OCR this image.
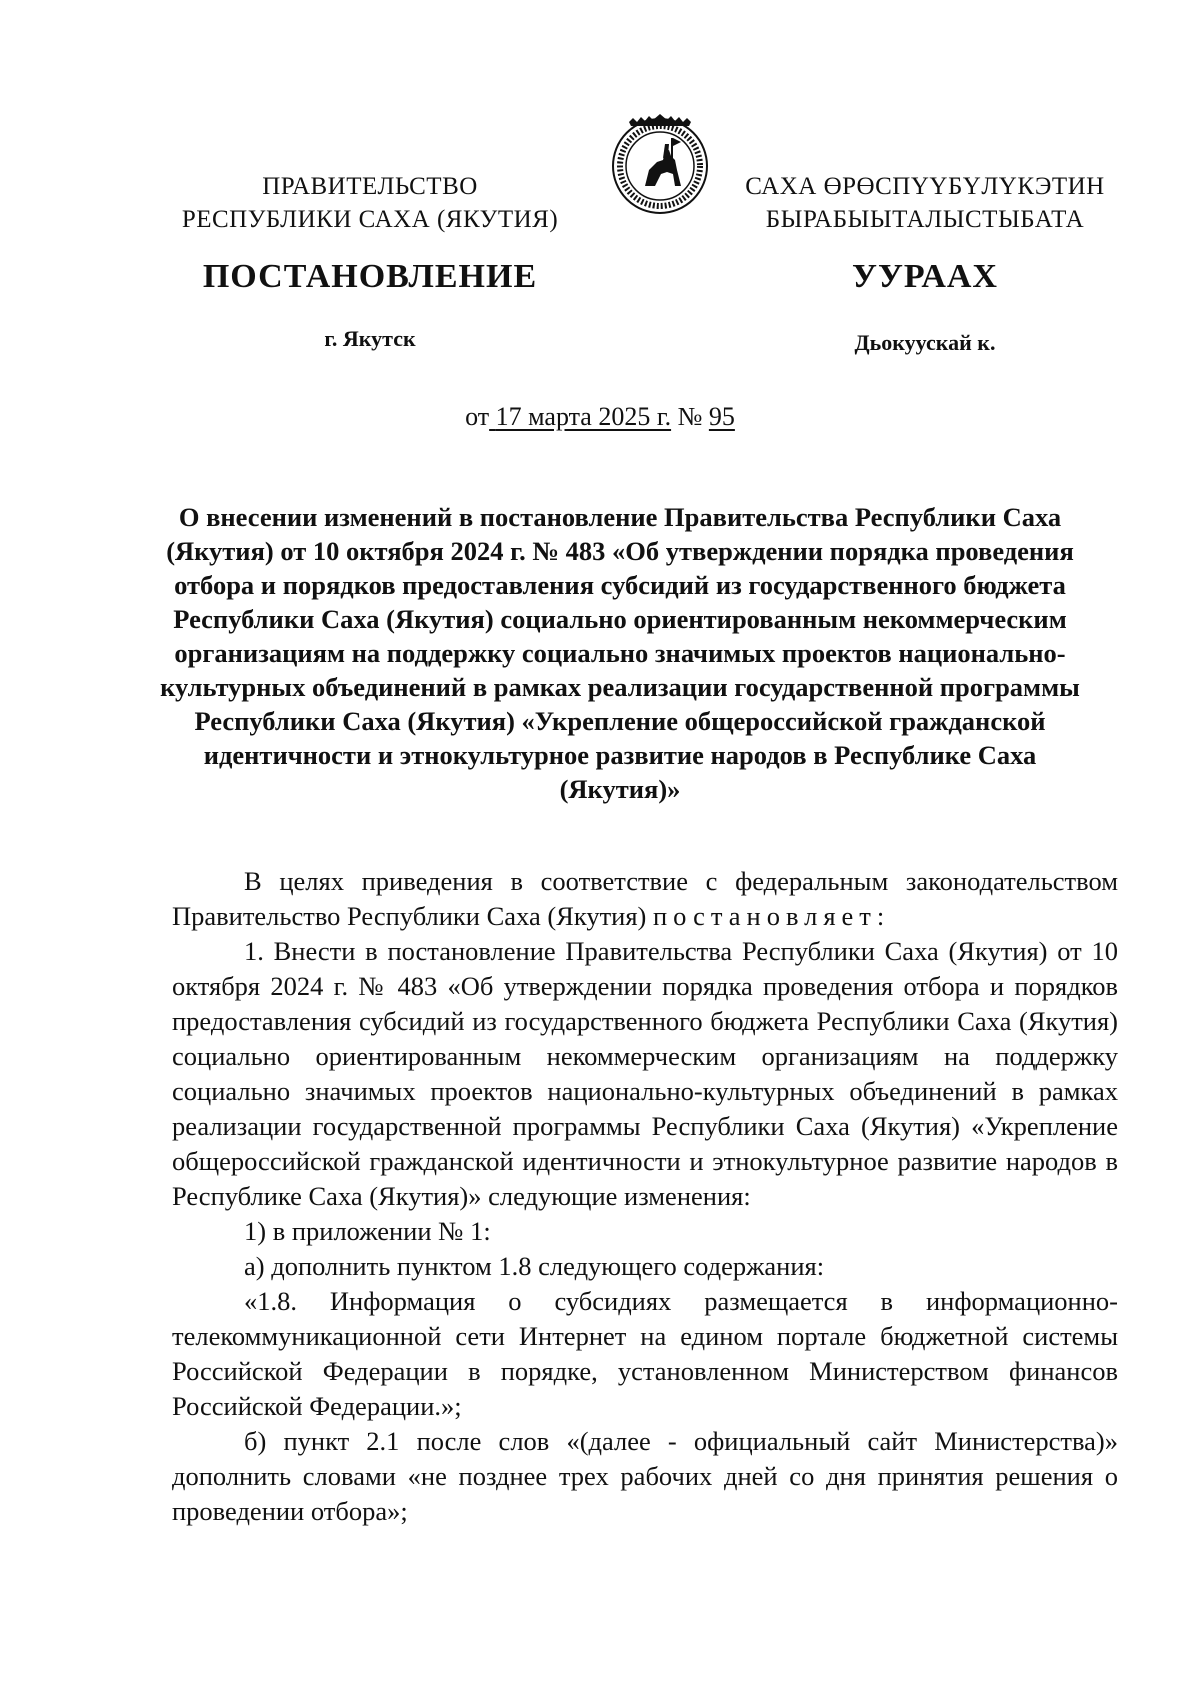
ПРАВИТЕЛЬСТВО
РЕСПУБЛИКИ САХА (ЯКУТИЯ)
САХА ӨРӨСПҮҮБҮЛҮКЭТИН
БЫРАБЫЫТАЛЫСТЫБАТА
ПОСТАНОВЛЕНИЕ	УУРААХ
г. Якутск	Дьокуускай к.
от 17 марта 2025 г. № 95
О внесении изменений в постановление Правительства Республики Саха (Якутия) от 10 октября 2024 г. № 483 «Об утверждении порядка проведения отбора и порядков предоставления субсидий из государственного бюджета Республики Саха (Якутия) социально ориентированным некоммерческим организациям на поддержку социально значимых проектов национально-культурных объединений в рамках реализации государственной программы Республики Саха (Якутия) «Укрепление общероссийской гражданской идентичности и этнокультурное развитие народов в Республике Саха (Якутия)»

В целях приведения в соответствие с федеральным законодательством Правительство Республики Саха (Якутия) постановляет:

1. Внести в постановление Правительства Республики Саха (Якутия) от 10 октября 2024 г. № 483 «Об утверждении порядка проведения отбора и порядков предоставления субсидий из государственного бюджета Республики Саха (Якутия) социально ориентированным некоммерческим организациям на поддержку социально значимых проектов национально-культурных объединений в рамках реализации государственной программы Республики Саха (Якутия) «Укрепление общероссийской гражданской идентичности и этнокультурное развитие народов в Республике Саха (Якутия)» следующие изменения:

1) в приложении № 1:

а) дополнить пунктом 1.8 следующего содержания:

«1.8. Информация о субсидиях размещается в информационно-телекоммуникационной сети Интернет на едином портале бюджетной системы Российской Федерации в порядке, установленном Министерством финансов Российской Федерации.»;

б) пункт 2.1 после слов «(далее - официальный сайт Министерства)» дополнить словами «не позднее трех рабочих дней со дня принятия решения о проведении отбора»;
